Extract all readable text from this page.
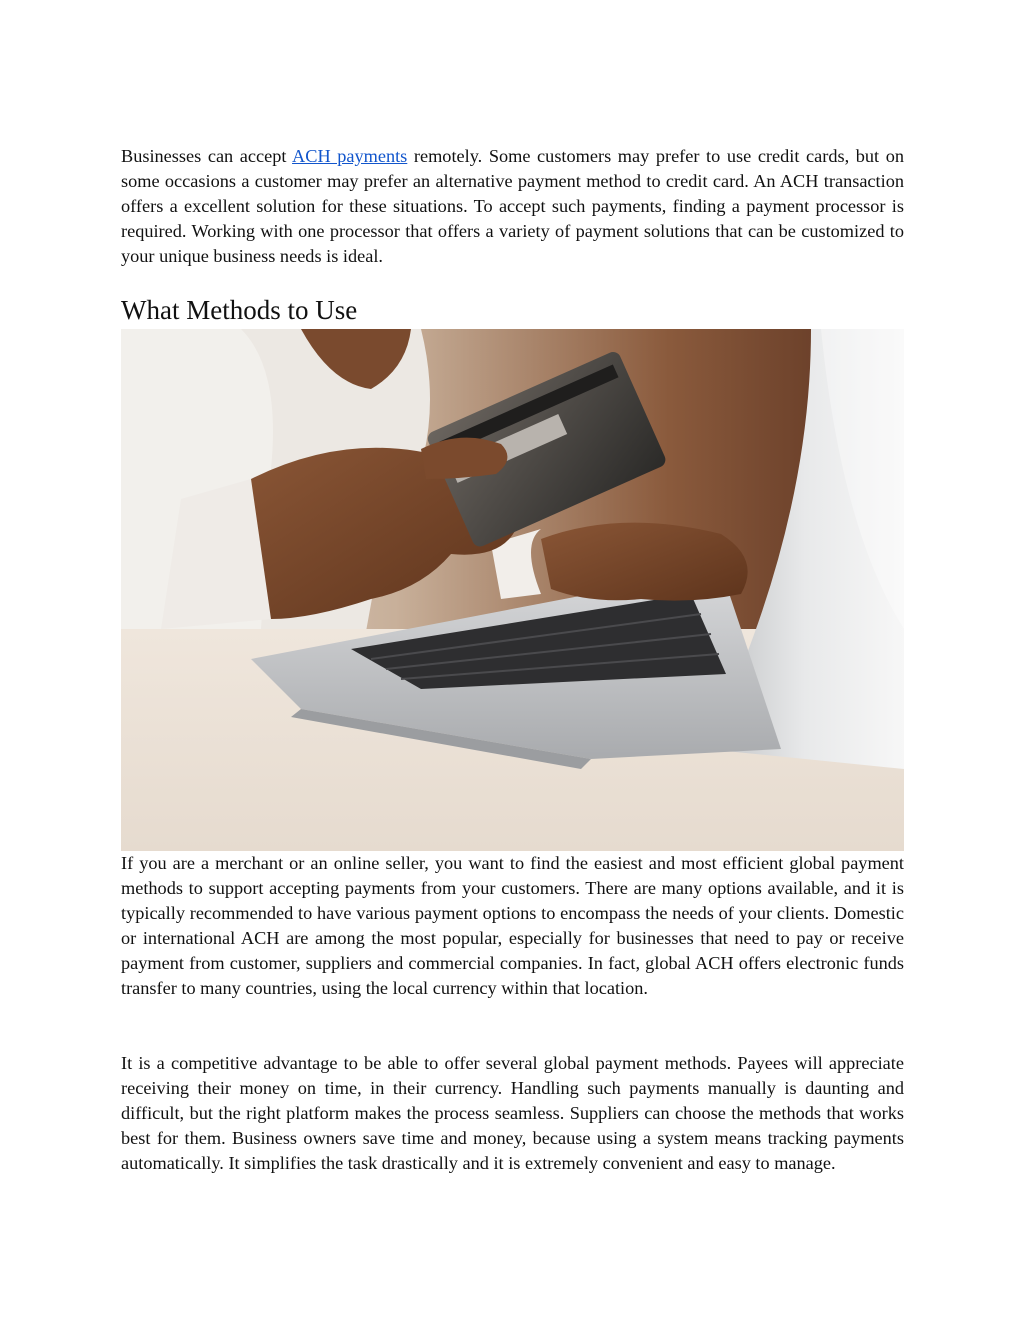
Businesses can accept ACH payments remotely. Some customers may prefer to use credit cards, but on some occasions a customer may prefer an alternative payment method to credit card. An ACH transaction offers a excellent solution for these situations. To accept such payments, finding a payment processor is required. Working with one processor that offers a variety of payment solutions that can be customized to your unique business needs is ideal.

What Methods to Use

If you are a merchant or an online seller, you want to find the easiest and most efficient global payment methods to support accepting payments from your customers. There are many options available, and it is typically recommended to have various payment options to encompass the needs of your clients. Domestic or international ACH are among the most popular, especially for businesses that need to pay or receive payment from customer, suppliers and commercial companies. In fact, global ACH offers electronic funds transfer to many countries, using the local currency within that location.

It is a competitive advantage to be able to offer several global payment methods. Payees will appreciate receiving their money on time, in their currency. Handling such payments manually is daunting and difficult, but the right platform makes the process seamless. Suppliers can choose the methods that works best for them. Business owners save time and money, because using a system means tracking payments automatically. It simplifies the task drastically and it is extremely convenient and easy to manage.
